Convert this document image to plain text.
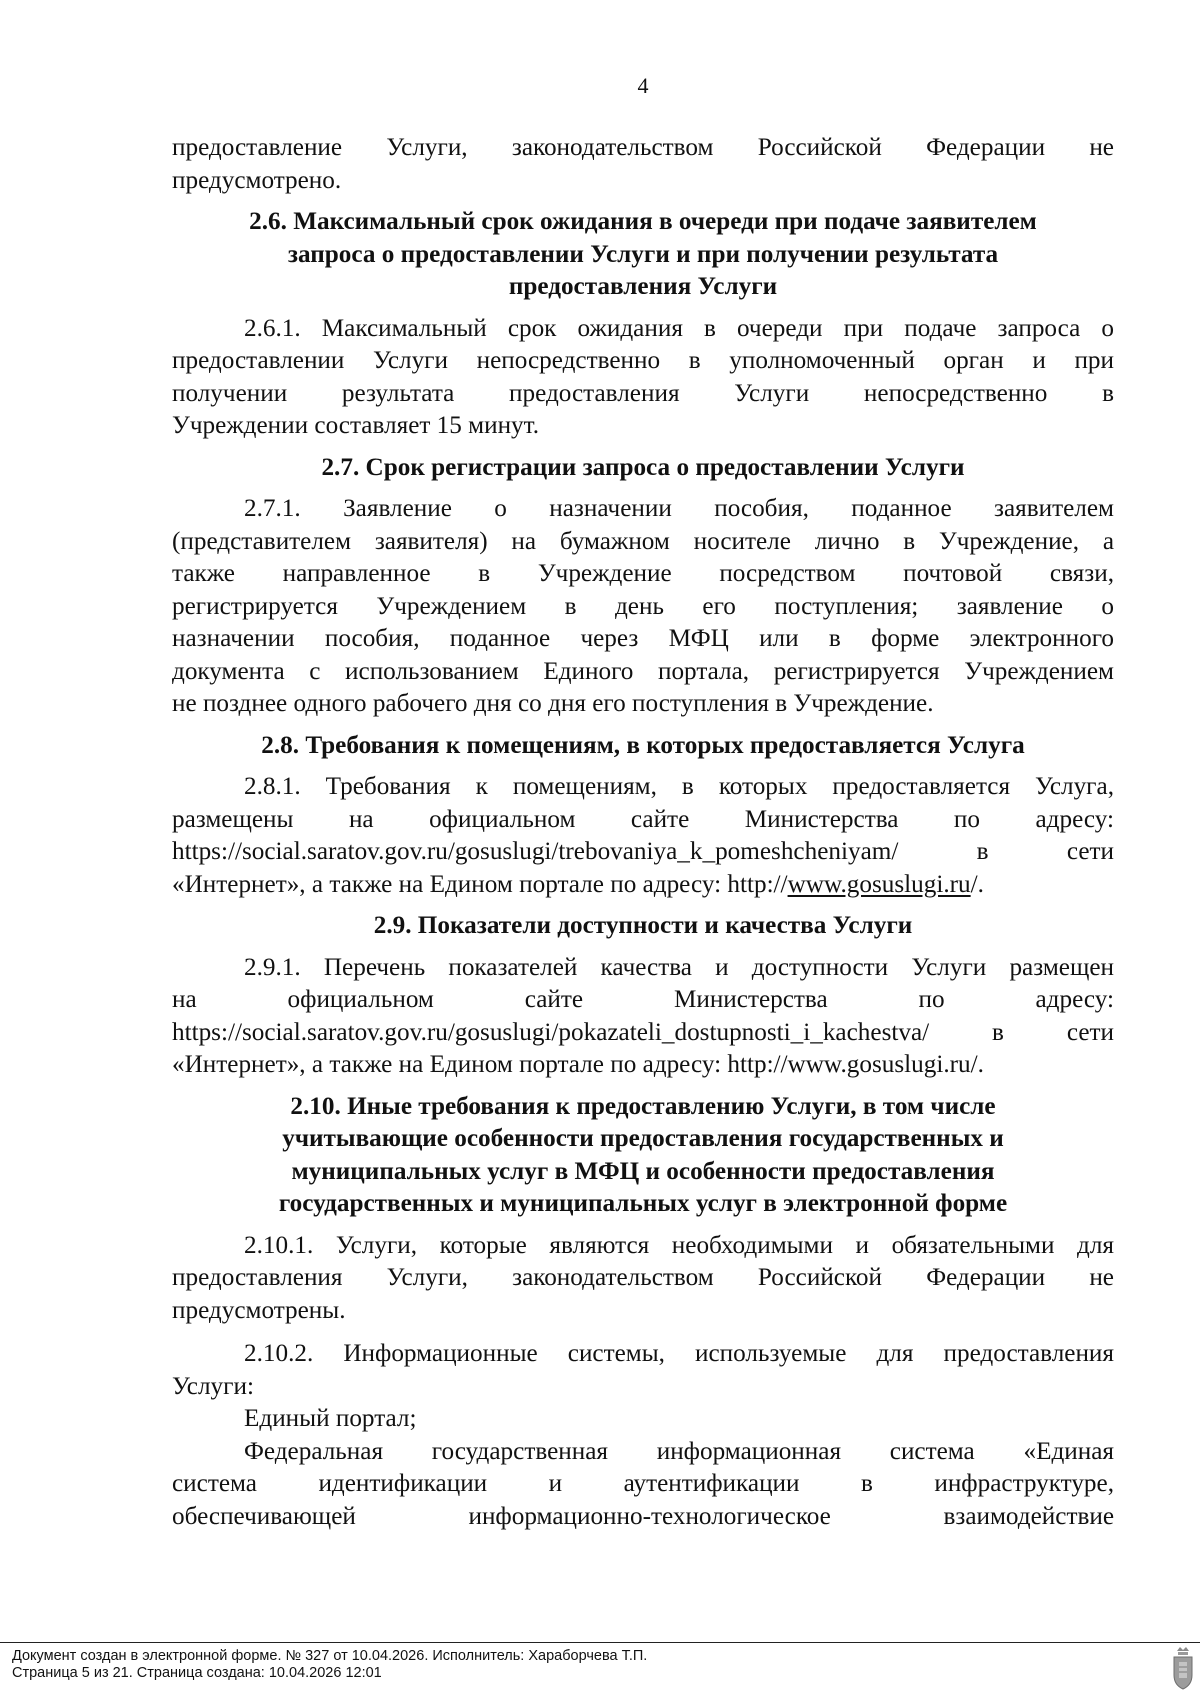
4

предоставление Услуги, законодательством Российской Федерации не

предусмотрено.

2.6. Максимальный срок ожидания в очереди при подаче заявителем
запроса о предоставлении Услуги и при получении результата
предоставления Услуги

2.6.1. Максимальный срок ожидания в очереди при подаче запроса о

предоставлении Услуги непосредственно в уполномоченный орган и при

получении результата предоставления Услуги непосредственно в

Учреждении составляет 15 минут.

2.7. Срок регистрации запроса о предоставлении Услуги

2.7.1. Заявление о назначении пособия, поданное заявителем

(представителем заявителя) на бумажном носителе лично в Учреждение, а

также направленное в Учреждение посредством почтовой связи,

регистрируется Учреждением в день его поступления; заявление о

назначении пособия, поданное через МФЦ или в форме электронного

документа с использованием Единого портала, регистрируется Учреждением

не позднее одного рабочего дня со дня его поступления в Учреждение.

2.8. Требования к помещениям, в которых предоставляется Услуга

2.8.1. Требования к помещениям, в которых предоставляется Услуга,

размещены на официальном сайте Министерства по адресу:

https://social.saratov.gov.ru/gosuslugi/trebovaniya_k_pomeshcheniyam/ в сети

«Интернет», а также на Едином портале по адресу: http://www.gosuslugi.ru/.

2.9. Показатели доступности и качества Услуги

2.9.1. Перечень показателей качества и доступности Услуги размещен

на официальном сайте Министерства по адресу:

https://social.saratov.gov.ru/gosuslugi/pokazateli_dostupnosti_i_kachestva/ в сети

«Интернет», а также на Едином портале по адресу: http://www.gosuslugi.ru/.

2.10. Иные требования к предоставлению Услуги, в том числе
учитывающие особенности предоставления государственных и
муниципальных услуг в МФЦ и особенности предоставления
государственных и муниципальных услуг в электронной форме

2.10.1. Услуги, которые являются необходимыми и обязательными для

предоставления Услуги, законодательством Российской Федерации не

предусмотрены.

2.10.2. Информационные системы, используемые для предоставления

Услуги:

Единый портал;

Федеральная государственная информационная система «Единая

система идентификации и аутентификации в инфраструктуре,

обеспечивающей информационно-технологическое взаимодействие

Документ создан в электронной форме. № 327 от 10.04.2026. Исполнитель: Хараборчева Т.П.
Страница 5 из 21. Страница создана: 10.04.2026 12:01
